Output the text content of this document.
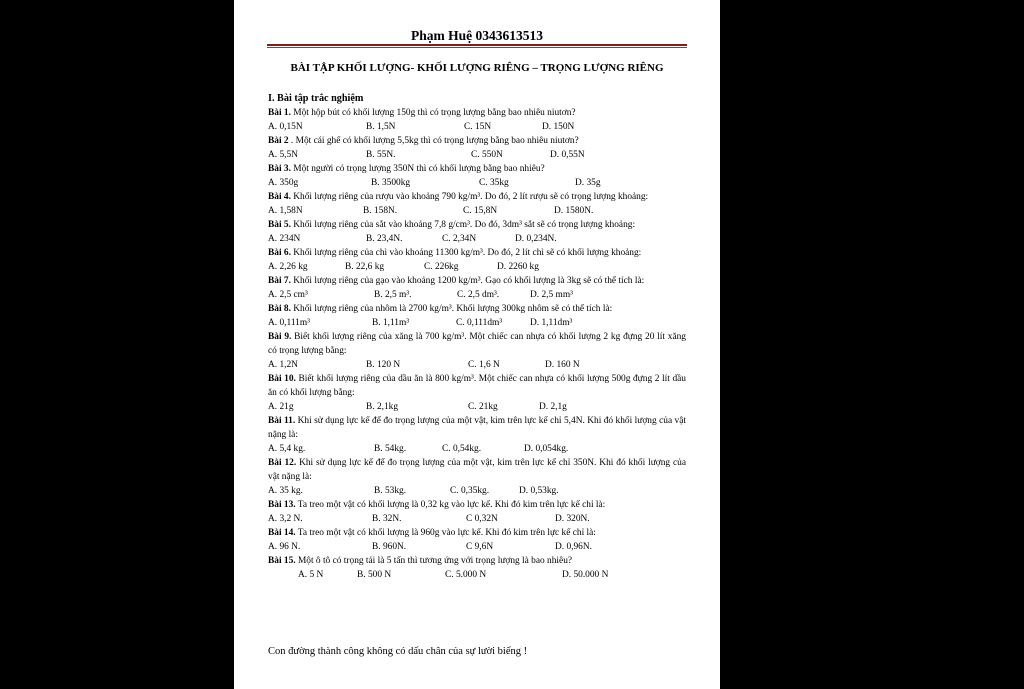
Phạm Huệ 0343613513
BÀI TẬP KHỐI LƯỢNG- KHỐI LƯỢNG RIÊNG – TRỌNG LƯỢNG RIÊNG
I. Bài tập trắc nghiệm
Bài 1. Một hộp bút có khối lượng 150g thì có trọng lượng bằng bao nhiêu niutơn?
A. 0,15N	B. 1,5N	C. 15N	D. 150N
Bài 2 . Một cái ghế có khối lượng 5,5kg thì có trọng lượng bằng bao nhiêu niutơn?
A. 5,5N	B. 55N.	C. 550N	D. 0,55N
Bài 3. Một người có trọng lượng 350N thì có khối lượng bằng bao nhiêu?
A. 350g	B. 3500kg	C. 35kg	D. 35g
Bài 4. Khối lượng riêng của rượu vào khoảng 790 kg/m³. Do đó, 2 lít rượu sẽ có trọng lượng khoảng:
A. 1,58N	B. 158N.	C. 15,8N	D. 1580N.
Bài 5. Khối lượng riêng của sắt vào khoảng 7,8 g/cm³. Do đó, 3dm³ sắt sẽ có trọng lượng khoảng:
A. 234N	B. 23,4N.	C. 2,34N	D. 0,234N.
Bài 6. Khối lượng riêng của chì vào khoảng 11300 kg/m³. Do đó, 2 lít chì sẽ có khối lượng khoảng:
A. 2,26 kg	B. 22,6 kg	C. 226kg	D. 2260 kg
Bài 7. Khối lượng riêng của gạo vào khoảng 1200 kg/m³. Gạo có khối lượng là 3kg sẽ có thể tích là:
A. 2,5 cm³	B. 2,5 m³.	C. 2,5 dm³.	D. 2,5 mm³
Bài 8. Khối lượng riêng của nhôm là 2700 kg/m³. Khối lượng 300kg nhôm sẽ có thể tích là:
A. 0,111m³	B. 1,11m³	C. 0,111dm³	D. 1,11dm³
Bài 9. Biết khối lượng riêng của xăng là 700 kg/m³. Một chiếc can nhựa có khối lượng 2 kg đựng 20 lít xăng có trọng lượng bằng:
A. 1,2N	B. 120 N	C. 1,6 N	D. 160 N
Bài 10. Biết khối lượng riêng của dầu ăn là 800 kg/m³. Một chiếc can nhựa có khối lượng 500g đựng 2 lít dầu ăn có khối lượng bằng:
A. 21g	B. 2,1kg	C. 21kg	D. 2,1g
Bài 11. Khi sử dụng lực kế để đo trọng lượng của một vật, kim trên lực kế chỉ 5,4N. Khi đó khối lượng của vật nặng là:
A. 5,4 kg.	B. 54kg.	C. 0,54kg.	D. 0,054kg.
Bài 12. Khi sử dụng lực kế để đo trọng lượng của một vật, kim trên lực kế chỉ 350N. Khi đó khối lượng của vật nặng là:
A. 35 kg.	B. 53kg.	C. 0,35kg.	D. 0,53kg.
Bài 13. Ta treo một vật có khối lượng là 0,32 kg vào lực kế. Khi đó kim trên lực kế chỉ là:
A. 3,2 N.	B. 32N.	C 0,32N	D. 320N.
Bài 14. Ta treo một vật có khối lượng là 960g vào lực kế. Khi đó kim trên lực kế chỉ là:
A. 96 N.	B. 960N.	C 9,6N	D. 0,96N.
Bài 15. Một ô tô có trọng tải là 5 tấn thì tương ứng với trọng lượng là bao nhiêu?
A. 5 N	B. 500 N	C. 5.000 N	D. 50.000 N
Con đường thành công không có dấu chân của sự lười biếng !
